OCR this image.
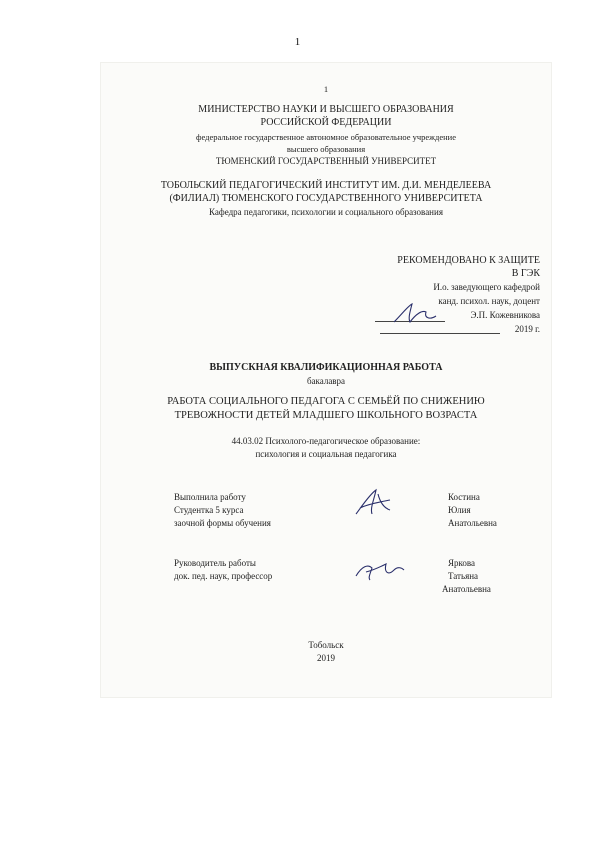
1
1
МИНИСТЕРСТВО НАУКИ И ВЫСШЕГО ОБРАЗОВАНИЯ
РОССИЙСКОЙ ФЕДЕРАЦИИ
федеральное государственное автономное образовательное учреждение
высшего образования
ТЮМЕНСКИЙ ГОСУДАРСТВЕННЫЙ УНИВЕРСИТЕТ
ТОБОЛЬСКИЙ ПЕДАГОГИЧЕСКИЙ ИНСТИТУТ ИМ. Д.И. МЕНДЕЛЕЕВА
(ФИЛИАЛ) ТЮМЕНСКОГО ГОСУДАРСТВЕННОГО УНИВЕРСИТЕТА
Кафедра педагогики, психологии и социального образования
РЕКОМЕНДОВАНО К ЗАЩИТЕ
В ГЭК
И.о. заведующего кафедрой
канд. психол. наук, доцент
Э.П. Кожевникова
2019 г.
ВЫПУСКНАЯ КВАЛИФИКАЦИОННАЯ РАБОТА
бакалавра
РАБОТА СОЦИАЛЬНОГО ПЕДАГОГА С СЕМЬЁЙ ПО СНИЖЕНИЮ
ТРЕВОЖНОСТИ ДЕТЕЙ МЛАДШЕГО ШКОЛЬНОГО ВОЗРАСТА
44.03.02 Психолого-педагогическое образование:
психология и социальная педагогика
Выполнила работу
Студентка 5 курса
заочной формы обучения
Костина
Юлия
Анатольевна
Руководитель работы
док. пед. наук, профессор
Яркова
Татьяна
Анатольевна
Тобольск
2019
